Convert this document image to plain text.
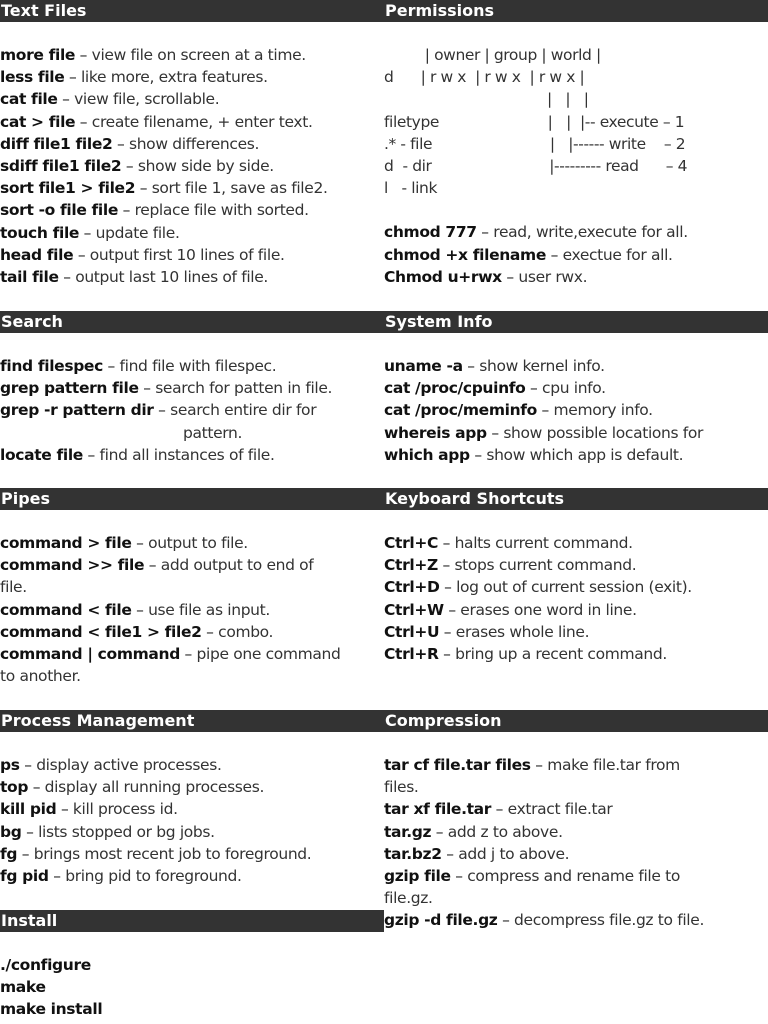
Text Files
more file – view file on screen at a time.
less file – like more, extra features.
cat file – view file, scrollable.
cat > file – create filename, + enter text.
diff file1 file2 – show differences.
sdiff file1 file2 – show side by side.
sort file1 > file2 – sort file 1, save as file2.
sort -o file file – replace file with sorted.
touch file – update file.
head file – output first 10 lines of file.
tail file – output last 10 lines of file.
Search
find filespec – find file with filespec.
grep pattern file – search for patten in file.
grep -r pattern dir – search entire dir for
pattern.
locate file – find all instances of file.
Pipes
command > file – output to file.
command >> file – add output to end of
file.
command < file – use file as input.
command < file1 > file2 – combo.
command | command – pipe one command
to another.
Process Management
ps – display active processes.
top – display all running processes.
kill pid – kill process id.
bg – lists stopped or bg jobs.
fg – brings most recent job to foreground.
fg pid – bring pid to foreground.
Install
./configure
make
make install
Permissions
| owner | group | world |
d      | r w x  | r w x  | r w x |
|   |   |
filetype                        |   |  |-- execute – 1
.* - file                          |   |------ write    – 2
d  - dir                          |--------- read      – 4
l   - link
chmod 777 – read, write,execute for all.
chmod +x filename – exectue for all.
Chmod u+rwx – user rwx.
System Info
uname -a – show kernel info.
cat /proc/cpuinfo – cpu info.
cat /proc/meminfo – memory info.
whereis app – show possible locations for
which app – show which app is default.
Keyboard Shortcuts
Ctrl+C – halts current command.
Ctrl+Z – stops current command.
Ctrl+D – log out of current session (exit).
Ctrl+W – erases one word in line.
Ctrl+U – erases whole line.
Ctrl+R – bring up a recent command.
Compression
tar cf file.tar files – make file.tar from
files.
tar xf file.tar – extract file.tar
tar.gz – add z to above.
tar.bz2 – add j to above.
gzip file – compress and rename file to
file.gz.
gzip -d file.gz – decompress file.gz to file.
